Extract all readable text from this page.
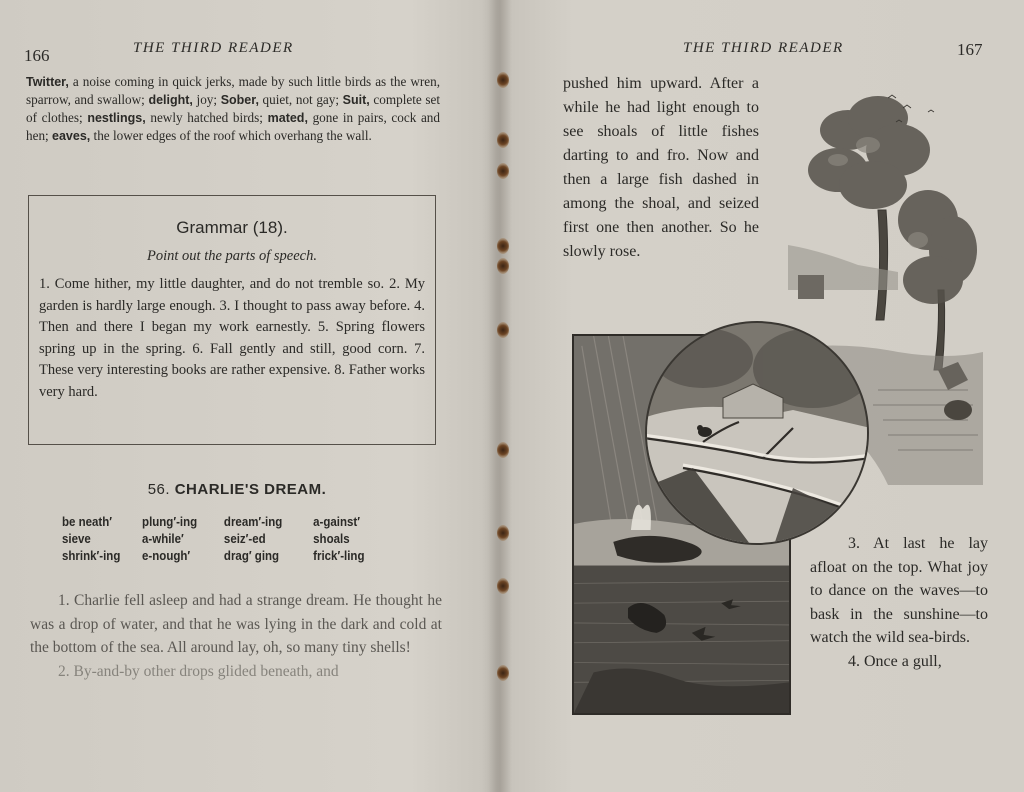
166	THE THIRD READER
Twitter, a noise coming in quick jerks, made by such little birds as the wren, sparrow, and swallow; delight, joy; Sober, quiet, not gay; Suit, complete set of clothes; nestlings, newly hatched birds; mated, gone in pairs, cock and hen; eaves, the lower edges of the roof which overhang the wall.
Grammar (18).
Point out the parts of speech.
1. Come hither, my little daughter, and do not tremble so. 2. My garden is hardly large enough. 3. I thought to pass away before. 4. Then and there I began my work earnestly. 5. Spring flowers spring up in the spring. 6. Fall gently and still, good corn. 7. These very interesting books are rather expensive. 8. Father works very hard.
56. CHARLIE'S DREAM.
be neath′	plung′-ing	dream′-ing	a-gainst′
sieve	a-while′	seiz′-ed	shoals
shrink′-ing	e-nough′	drag′ ging	frick′-ling

1. Charlie fell asleep and had a strange dream. He thought he was a drop of water, and that he was lying in the dark and cold at the bottom of the sea. All around lay, oh, so many tiny shells!

2. By-and-by other drops glided beneath, and

THE THIRD READER	167
pushed him upward. After a while he had light enough to see shoals of little fishes darting to and fro. Now and then a large fish dashed in among the shoal, and seized first one then another. So he slowly rose.

3. At last he lay afloat on the top. What joy to dance on the waves—to bask in the sunshine—to watch the wild sea-birds.

4. Once a gull,
